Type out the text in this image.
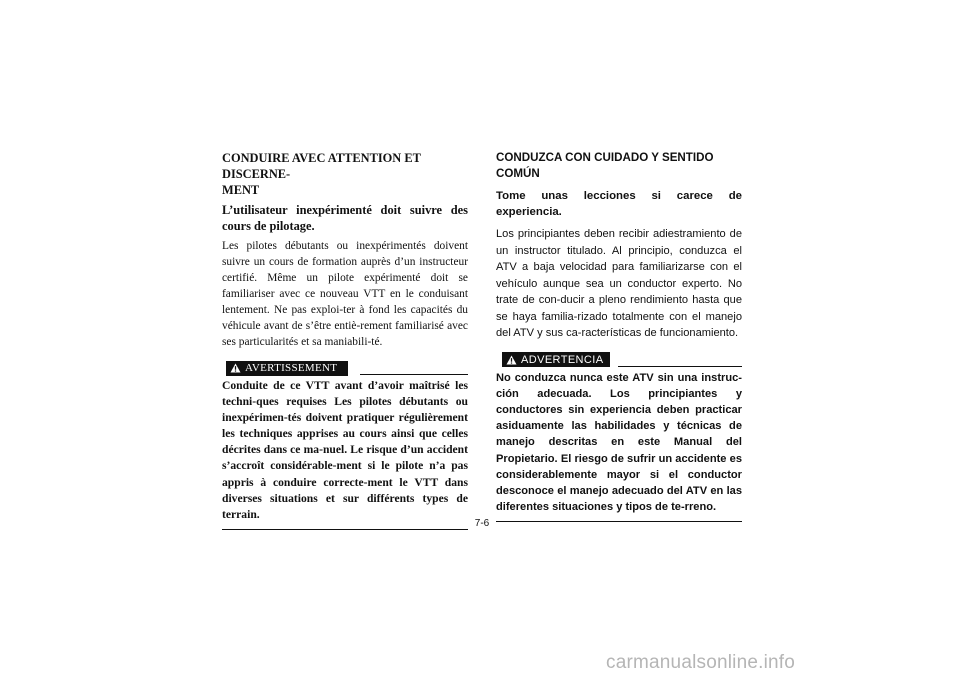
CONDUIRE AVEC ATTENTION ET DISCERNE-
MENT

L’utilisateur inexpérimenté doit suivre des cours de pilotage.

Les pilotes débutants ou inexpérimentés doivent suivre un cours de formation auprès d’un instructeur certifié. Même un pilote expérimenté doit se familiariser avec ce nouveau VTT en le conduisant lentement. Ne pas exploi-ter à fond les capacités du véhicule avant de s’être entiè-rement familiarisé avec ses particularités et sa maniabili-té.

AVERTISSEMENT

Conduite de ce VTT avant d’avoir maîtrisé les techni-ques requises Les pilotes débutants ou inexpérimen-tés doivent pratiquer régulièrement les techniques apprises au cours ainsi que celles décrites dans ce ma-nuel. Le risque d’un accident s’accroît considérable-ment si le pilote n’a pas appris à conduire correcte-ment le VTT dans diverses situations et sur différents types de terrain.

CONDUZCA CON CUIDADO Y SENTIDO COMÚN

Tome unas lecciones si carece de experiencia.

Los principiantes deben recibir adiestramiento de un instructor titulado. Al principio, conduzca el ATV a baja velocidad para familiarizarse con el vehículo aunque sea un conductor experto. No trate de con-ducir a pleno rendimiento hasta que se haya familia-rizado totalmente con el manejo del ATV y sus ca-racterísticas de funcionamiento.

ADVERTENCIA

No conduzca nunca este ATV sin una instruc-ción adecuada. Los principiantes y conductores sin experiencia deben practicar asiduamente las habilidades y técnicas de manejo descritas en este Manual del Propietario. El riesgo de sufrir un accidente es considerablemente mayor si el conductor desconoce el manejo adecuado del ATV en las diferentes situaciones y tipos de te-rreno.

7-6
carmanualsonline.info
